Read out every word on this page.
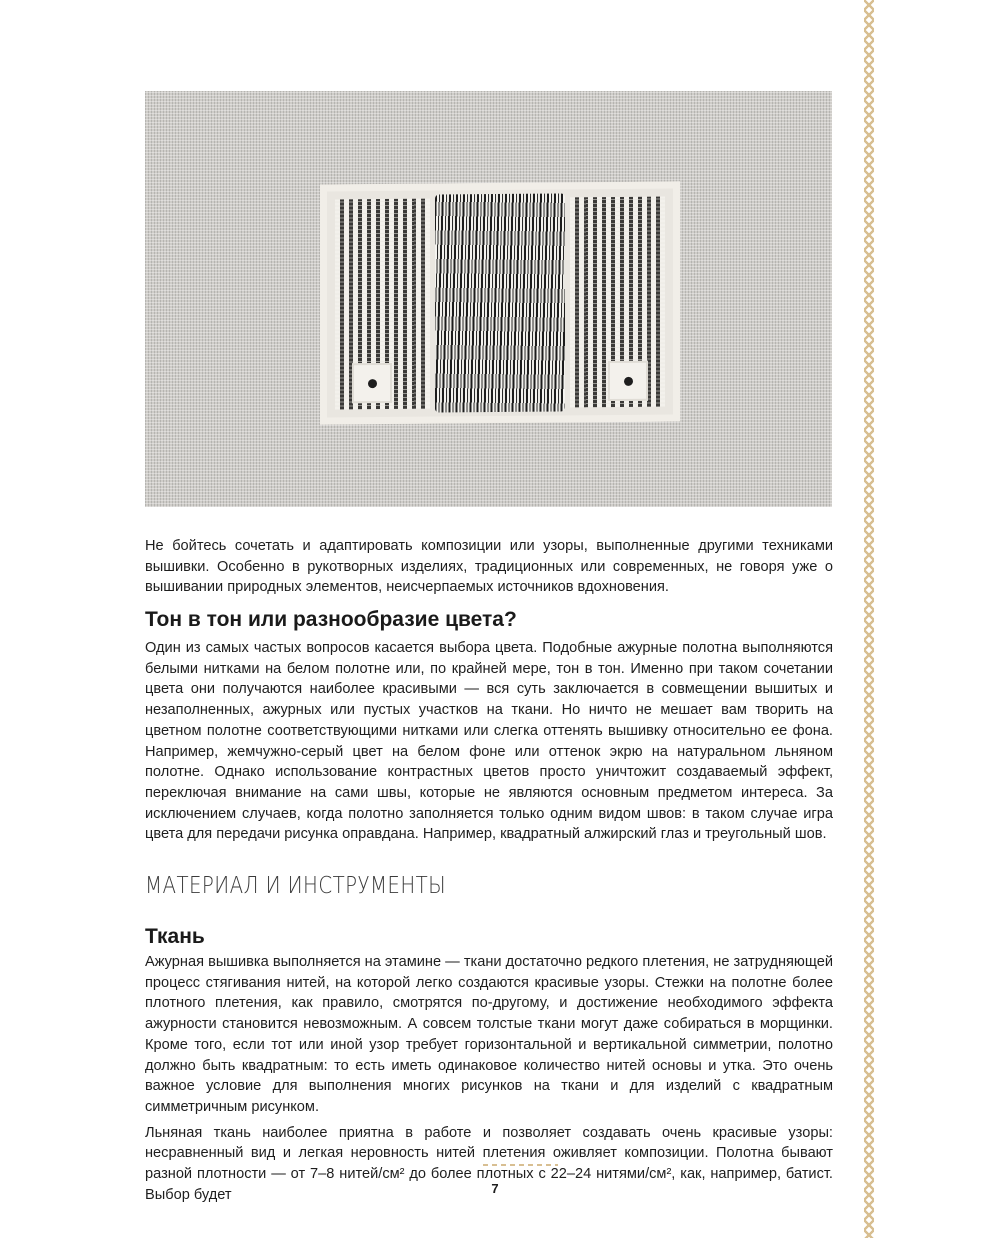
Не бойтесь сочетать и адаптировать композиции или узоры, выполненные другими техниками вышивки. Особенно в рукотворных изделиях, традиционных или современных, не говоря уже о вышивании природных элементов, неисчерпаемых источников вдохновения.

Тон в тон или разнообразие цвета?

Один из самых частых вопросов касается выбора цвета. Подобные ажурные полотна выполняются белыми нитками на белом полотне или, по крайней мере, тон в тон. Именно при таком сочетании цвета они получаются наиболее красивыми — вся суть заключается в совмещении вышитых и незаполненных, ажурных или пустых участков на ткани. Но ничто не мешает вам творить на цветном полотне соответствующими нитками или слегка оттенять вышивку относительно ее фона. Например, жемчужно-серый цвет на белом фоне или оттенок экрю на натуральном льняном полотне. Однако использование контрастных цветов просто уничтожит создаваемый эффект, переключая внимание на сами швы, которые не являются основным предметом интереса. За исключением случаев, когда полотно заполняется только одним видом швов: в таком случае игра цвета для передачи рисунка оправдана. Например, квадратный алжирский глаз и треугольный шов.

МАТЕРИАЛ И ИНСТРУМЕНТЫ
Ткань

Ажурная вышивка выполняется на этамине — ткани достаточно редкого плетения, не затрудняющей процесс стягивания нитей, на которой легко создаются красивые узоры. Стежки на полотне более плотного плетения, как правило, смотрятся по-другому, и достижение необходимого эффекта ажурности становится невозможным. А совсем толстые ткани могут даже собираться в морщинки. Кроме того, если тот или иной узор требует горизонтальной и вертикальной симметрии, полотно должно быть квадратным: то есть иметь одинаковое количество нитей основы и утка. Это очень важное условие для выполнения многих рисунков на ткани и для изделий с квадратным симметричным рисунком.

Льняная ткань наиболее приятна в работе и позволяет создавать очень красивые узоры: несравненный вид и легкая неровность нитей плетения оживляет композиции. Полотна бывают разной плотности — от 7–8 нитей/см² до более плотных с 22–24 нитями/см², как, например, батист. Выбор будет	7
